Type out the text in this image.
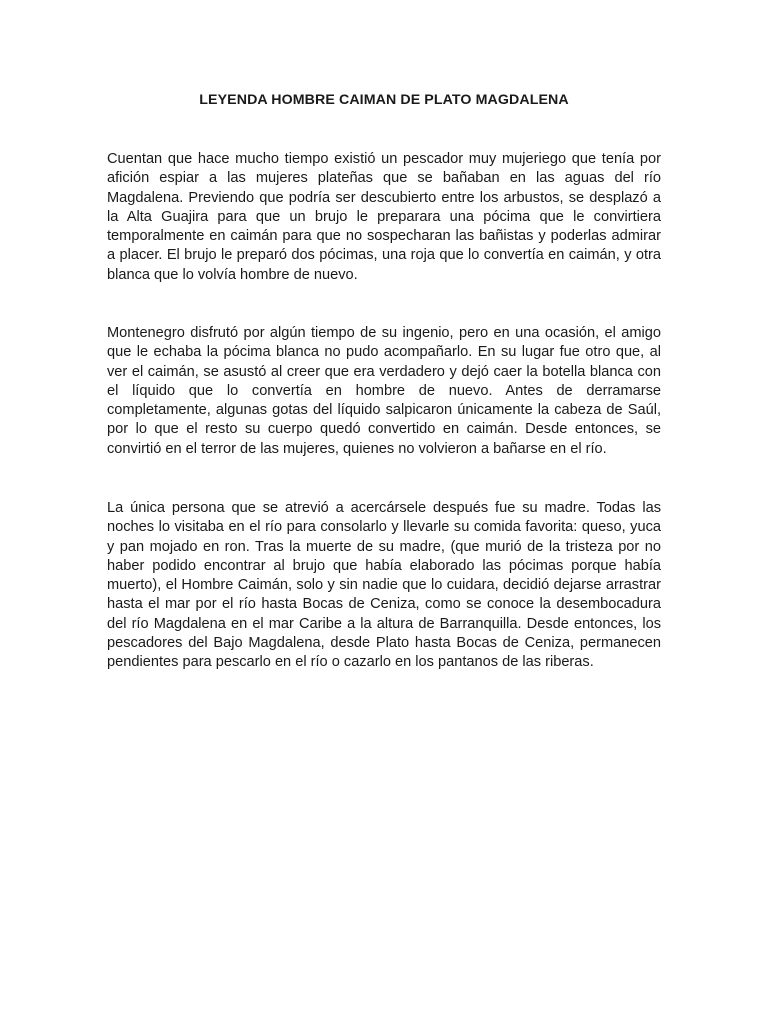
LEYENDA HOMBRE CAIMAN DE PLATO MAGDALENA

Cuentan que hace mucho tiempo existió un pescador muy mujeriego que tenía por afición espiar a las mujeres plateñas que se bañaban en las aguas del río Magdalena. Previendo que podría ser descubierto entre los arbustos, se desplazó a la Alta Guajira para que un brujo le preparara una pócima que le convirtiera temporalmente en caimán para que no sospecharan las bañistas y poderlas admirar a placer. El brujo le preparó dos pócimas, una roja que lo convertía en caimán, y otra blanca que lo volvía hombre de nuevo.

Montenegro disfrutó por algún tiempo de su ingenio, pero en una ocasión, el amigo que le echaba la pócima blanca no pudo acompañarlo. En su lugar fue otro que, al ver el caimán, se asustó al creer que era verdadero y dejó caer la botella blanca con el líquido que lo convertía en hombre de nuevo. Antes de derramarse completamente, algunas gotas del líquido salpicaron únicamente la cabeza de Saúl, por lo que el resto su cuerpo quedó convertido en caimán. Desde entonces, se convirtió en el terror de las mujeres, quienes no volvieron a bañarse en el río.

La única persona que se atrevió a acercársele después fue su madre. Todas las noches lo visitaba en el río para consolarlo y llevarle su comida favorita: queso, yuca y pan mojado en ron. Tras la muerte de su madre, (que murió de la tristeza por no haber podido encontrar al brujo que había elaborado las pócimas porque había muerto), el Hombre Caimán, solo y sin nadie que lo cuidara, decidió dejarse arrastrar hasta el mar por el río hasta Bocas de Ceniza, como se conoce la desembocadura del río Magdalena en el mar Caribe a la altura de Barranquilla. Desde entonces, los pescadores del Bajo Magdalena, desde Plato hasta Bocas de Ceniza, permanecen pendientes para pescarlo en el río o cazarlo en los pantanos de las riberas.
